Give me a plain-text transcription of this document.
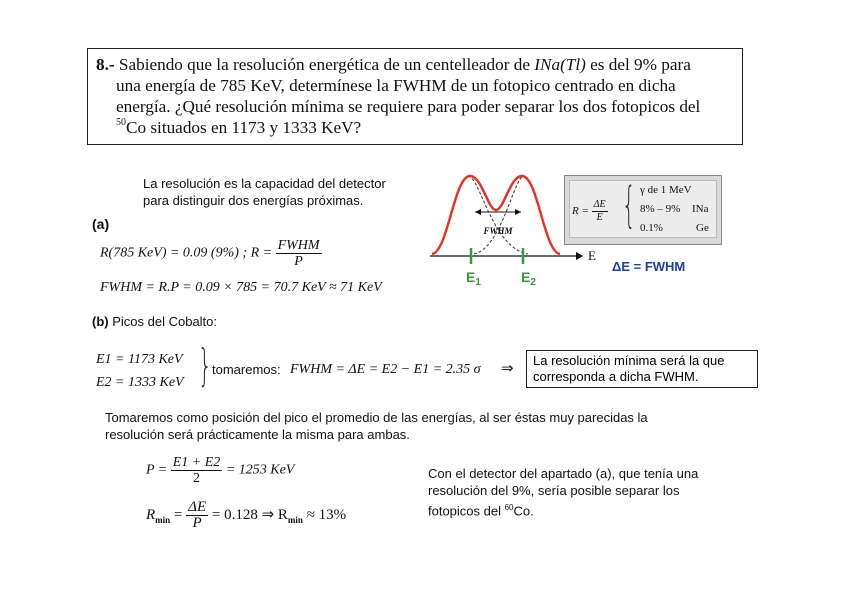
8.- Sabiendo que la resolución energética de un centelleador de INa(Tl) es del 9% para
una energía de 785 KeV, determínese la FWHM de un fotopico centrado en dicha
energía. ¿Qué resolución mínima se requiere para poder separar los dos fotopicos del
$^{50}$Co situados en 1173 y 1333 KeV?
La resolución es la capacidad del detector
para distinguir dos energías próximas.
(a)
R(785 KeV) = 0.09 (9%) ; $R = \frac{\text{FWHM}}{P}$
FWHM = R.P = 0.09 × 785 = 70.7 KeV ≈ 71 KeV
FWHM
E
$E_1$	$E_2$
$R = \frac{\Delta E}{E}$ { γ de 1 MeV
8% – 9% INa
0.1%	Ge
ΔE = FWHM
(b) Picos del Cobalto:
E1 = 1173 KeV
E2 = 1333 KeV } tomaremos: FWHM = ΔE = E2 − E1 = 2.35 σ ⇒
La resolución mínima será la que
corresponda a dicha FWHM.
Tomaremos como posición del pico el promedio de las energías, al ser éstas muy parecidas la
resolución será prácticamente la misma para ambas.
$P = \frac{E1 + E2}{2} = 1253$ KeV
$R_{min} = \frac{\Delta E}{P} = 0.128$ ⇒ $R_{min} \approx 13\%$
Con el detector del apartado (a), que tenía una
resolución del 9%, sería posible separar los
fotopicos del $^{60}$Co.
